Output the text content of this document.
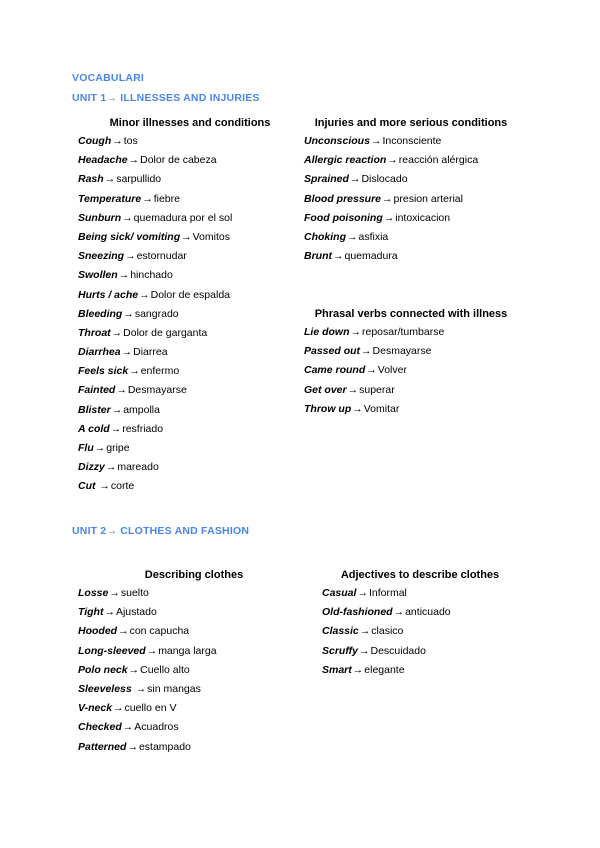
VOCABULARI
UNIT 1→ ILLNESSES AND INJURIES
UNIT 2→ CLOTHES AND FASHION
Minor illnesses and conditions	Injuries and more serious conditions
Phrasal verbs connected with illness
Cough→tos
Headache→Dolor de cabeza
Rash→sarpullido
Temperature→fiebre
Sunburn→quemadura por el sol
Being sick/ vomiting→Vomitos
Sneezing→estornudar
Swollen→hinchado
Hurts / ache→Dolor de espalda
Bleeding→sangrado
Throat→Dolor de garganta
Diarrhea→Diarrea
Feels sick→enfermo
Fainted→Desmayarse
Blister→ampolla
A cold→resfriado
Flu→gripe
Dizzy→mareado
Cut →corte
Unconscious→Inconsciente
Allergic reaction→reacción alérgica
Sprained→Dislocado
Blood pressure→presion arterial
Food poisoning→intoxicacion
Choking→asfixia
Brunt→quemadura
Lie down→reposar/tumbarse
Passed out→Desmayarse
Came round→Volver
Get over→superar
Throw up→Vomitar
Describing clothes	Adjectives to describe clothes
Losse→suelto
Tight→Ajustado
Hooded→con capucha
Long-sleeved→manga larga
Polo neck→Cuello alto
Sleeveless →sin mangas
V-neck→cuello en V
Checked→Acuadros
Patterned→estampado
Casual→Informal
Old-fashioned→anticuado
Classic→clasico
Scruffy→Descuidado
Smart→elegante
